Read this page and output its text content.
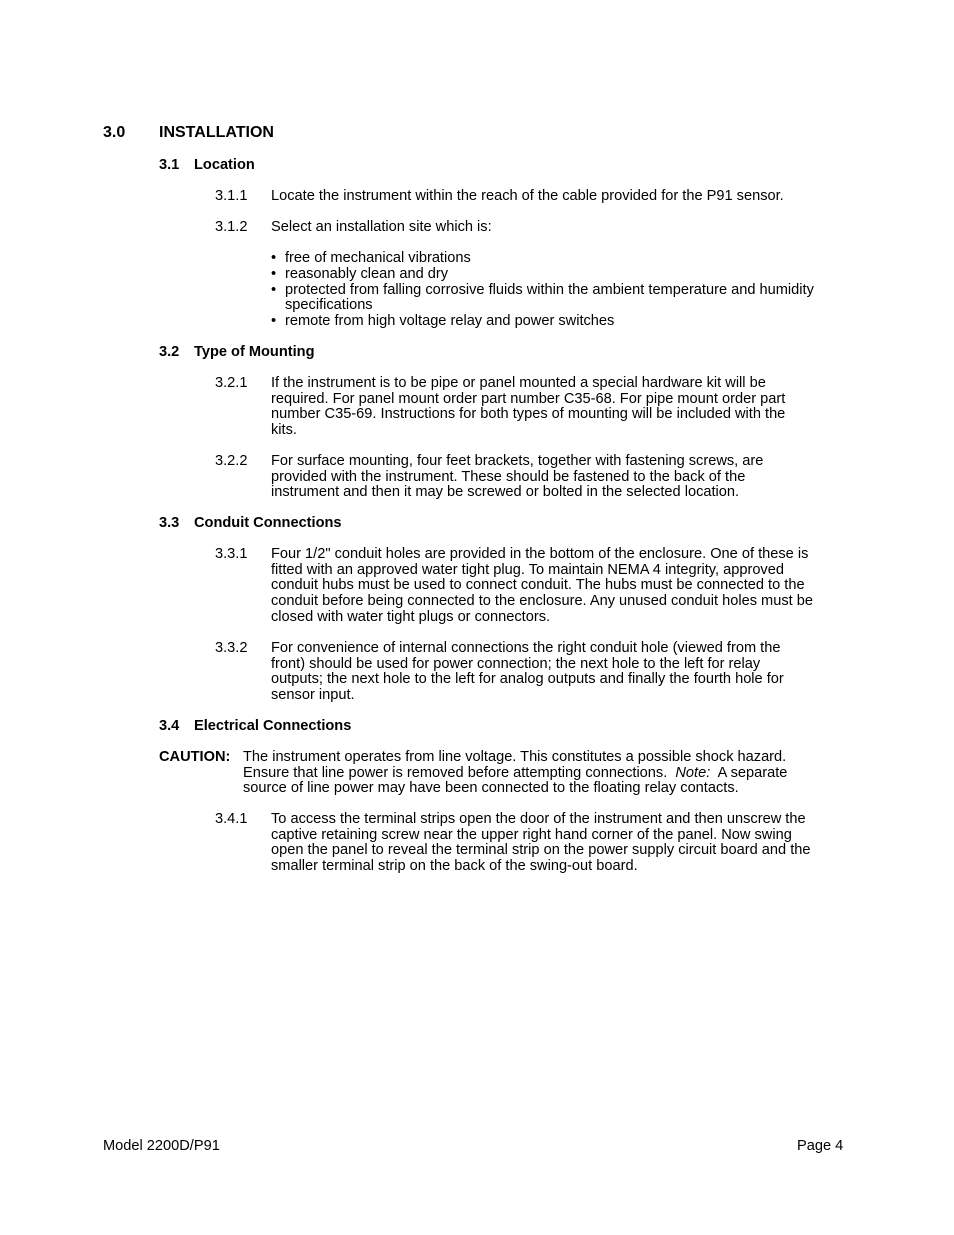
3.0 INSTALLATION
3.1 Location
3.1.1 Locate the instrument within the reach of the cable provided for the P91 sensor.
3.1.2 Select an installation site which is:
• free of mechanical vibrations
• reasonably clean and dry
• protected from falling corrosive fluids within the ambient temperature and humidity
specifications
• remote from high voltage relay and power switches
3.2 Type of Mounting
3.2.1 If the instrument is to be pipe or panel mounted a special hardware kit will be
required. For panel mount order part number C35-68. For pipe mount order part
number C35-69. Instructions for both types of mounting will be included with the
kits.
3.2.2 For surface mounting, four feet brackets, together with fastening screws, are
provided with the instrument. These should be fastened to the back of the
instrument and then it may be screwed or bolted in the selected location.
3.3 Conduit Connections
3.3.1 Four 1/2" conduit holes are provided in the bottom of the enclosure. One of these is
fitted with an approved water tight plug. To maintain NEMA 4 integrity, approved
conduit hubs must be used to connect conduit. The hubs must be connected to the
conduit before being connected to the enclosure. Any unused conduit holes must be
closed with water tight plugs or connectors.
3.3.2 For convenience of internal connections the right conduit hole (viewed from the
front) should be used for power connection; the next hole to the left for relay
outputs; the next hole to the left for analog outputs and finally the fourth hole for
sensor input.
3.4 Electrical Connections
CAUTION: The instrument operates from line voltage. This constitutes a possible shock hazard.
Ensure that line power is removed before attempting connections.  Note:  A separate
source of line power may have been connected to the floating relay contacts.
3.4.1 To access the terminal strips open the door of the instrument and then unscrew the
captive retaining screw near the upper right hand corner of the panel. Now swing
open the panel to reveal the terminal strip on the power supply circuit board and the
smaller terminal strip on the back of the swing-out board.
Model 2200D/P91	Page 4
